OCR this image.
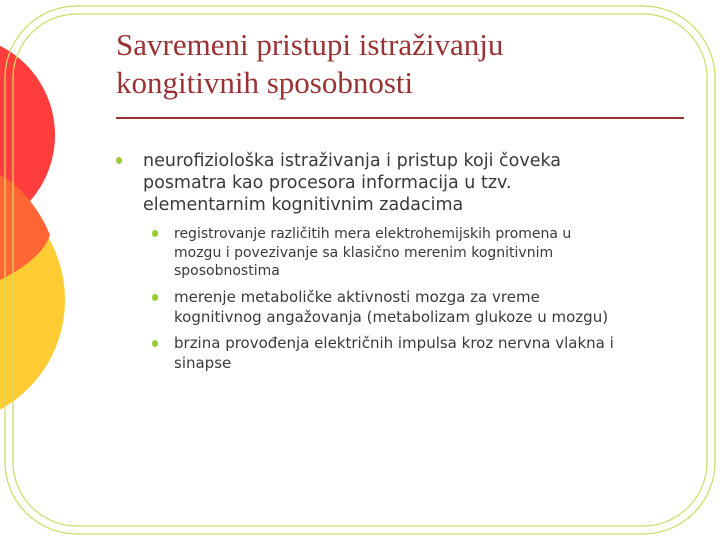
Savremeni pristupi istraživanju
kongitivnih sposobnosti

neurofiziološka istraživanja i pristup koji čoveka
posmatra kao procesora informacija u tzv.
elementarnim kognitivnim zadacima

registrovanje različitih mera elektrohemijskih promena u
mozgu i povezivanje sa klasično merenim kognitivnim
sposobnostima

merenje metaboličke aktivnosti mozga za vreme
kognitivnog angažovanja (metabolizam glukoze u mozgu)

brzina provođenja električnih impulsa kroz nervna vlakna i
sinapse
